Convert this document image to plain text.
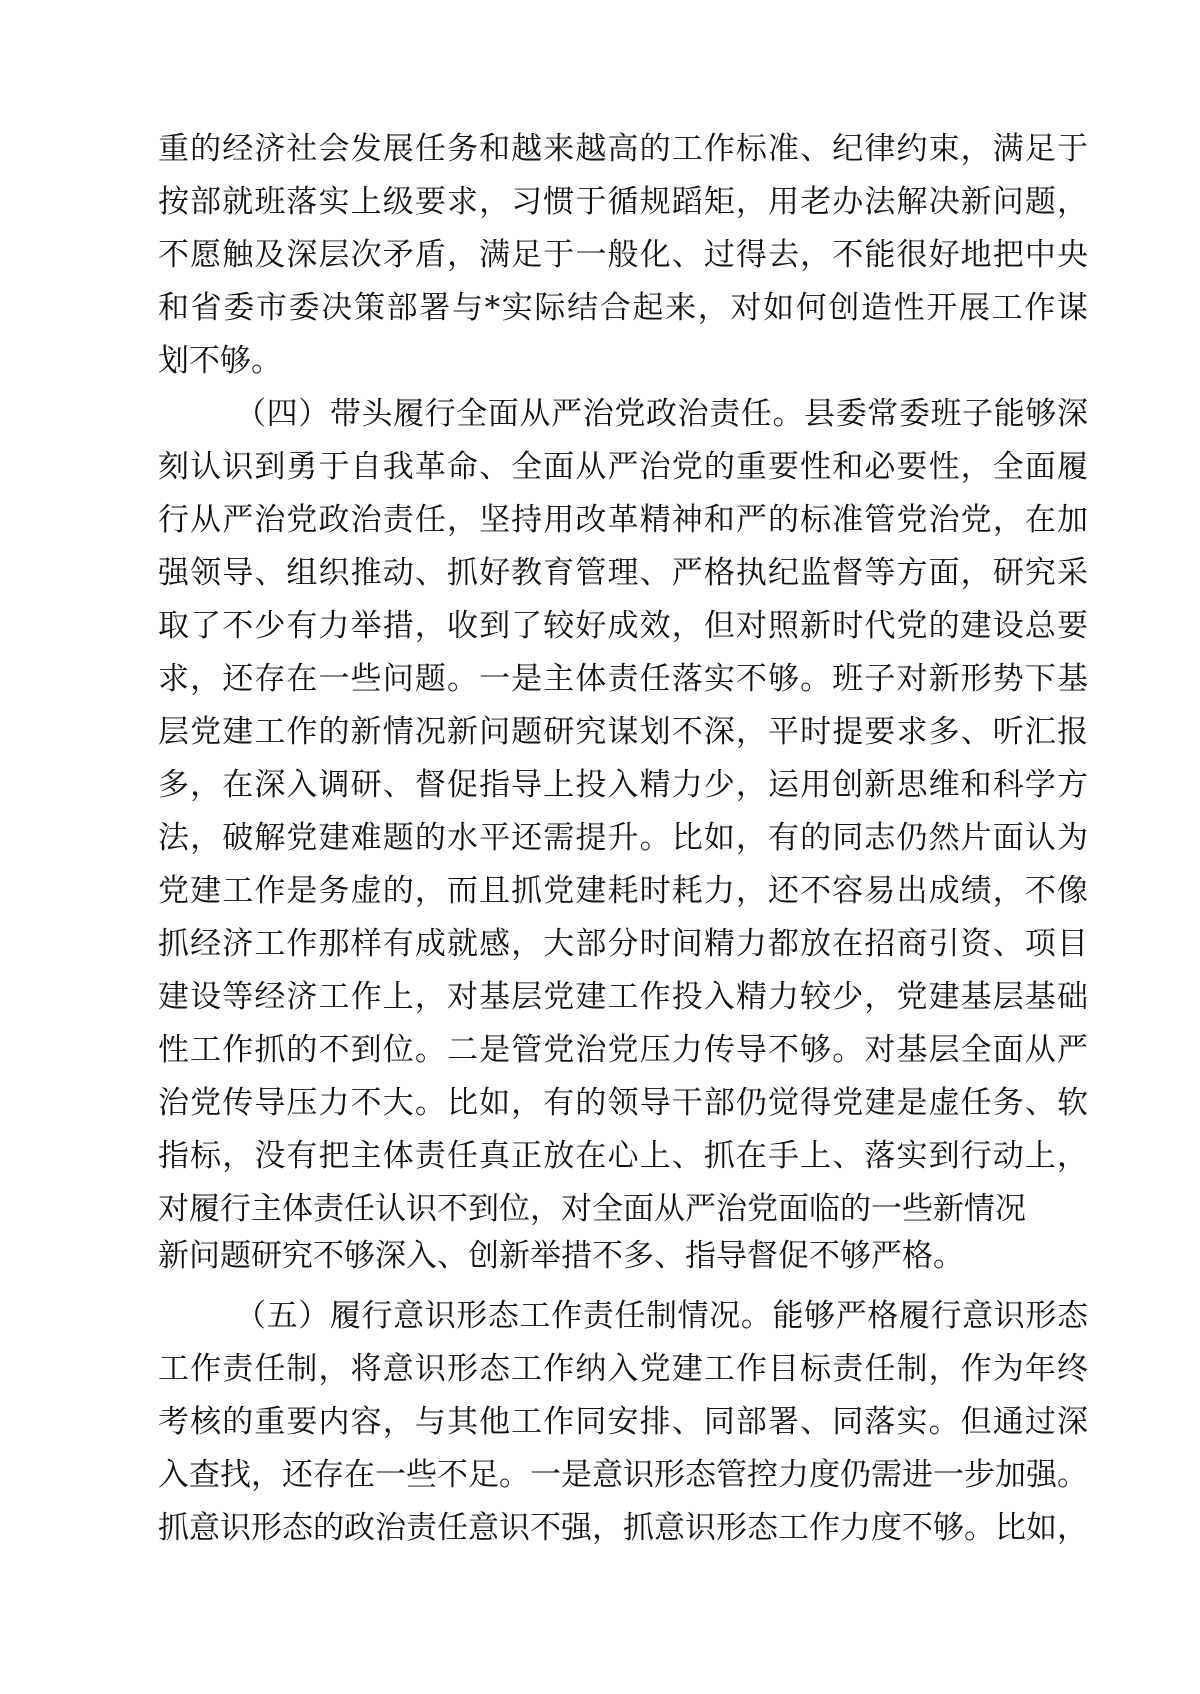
重的经济社会发展任务和越来越高的工作标准、纪律约束，满足于
按部就班落实上级要求，习惯于循规蹈矩，用老办法解决新问题，
不愿触及深层次矛盾，满足于一般化、过得去，不能很好地把中央
和省委市委决策部署与*实际结合起来，对如何创造性开展工作谋
划不够。
（四）带头履行全面从严治党政治责任。县委常委班子能够深
刻认识到勇于自我革命、全面从严治党的重要性和必要性，全面履
行从严治党政治责任，坚持用改革精神和严的标准管党治党，在加
强领导、组织推动、抓好教育管理、严格执纪监督等方面，研究采
取了不少有力举措，收到了较好成效，但对照新时代党的建设总要
求，还存在一些问题。一是主体责任落实不够。班子对新形势下基
层党建工作的新情况新问题研究谋划不深，平时提要求多、听汇报
多，在深入调研、督促指导上投入精力少，运用创新思维和科学方
法，破解党建难题的水平还需提升。比如，有的同志仍然片面认为
党建工作是务虚的，而且抓党建耗时耗力，还不容易出成绩，不像
抓经济工作那样有成就感，大部分时间精力都放在招商引资、项目
建设等经济工作上，对基层党建工作投入精力较少，党建基层基础
性工作抓的不到位。二是管党治党压力传导不够。对基层全面从严
治党传导压力不大。比如，有的领导干部仍觉得党建是虚任务、软
指标，没有把主体责任真正放在心上、抓在手上、落实到行动上，
对履行主体责任认识不到位，对全面从严治党面临的一些新情况
新问题研究不够深入、创新举措不多、指导督促不够严格。
（五）履行意识形态工作责任制情况。能够严格履行意识形态
工作责任制，将意识形态工作纳入党建工作目标责任制，作为年终
考核的重要内容，与其他工作同安排、同部署、同落实。但通过深
入查找，还存在一些不足。一是意识形态管控力度仍需进一步加强。
抓意识形态的政治责任意识不强，抓意识形态工作力度不够。比如，
